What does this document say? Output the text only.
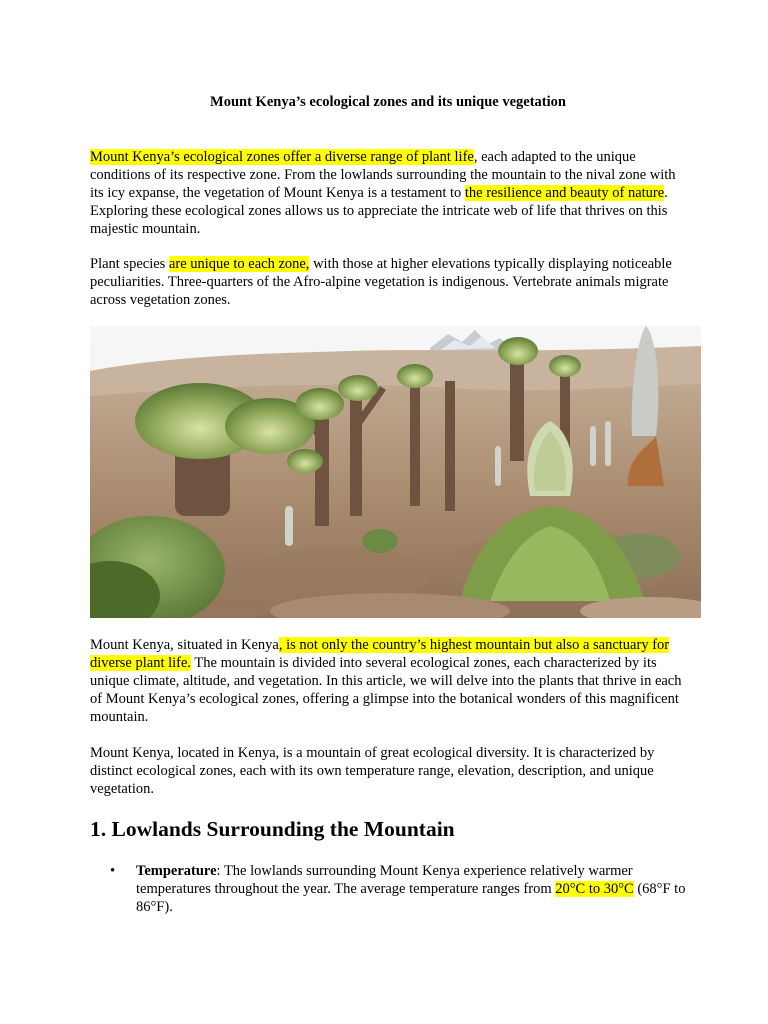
Mount Kenya’s ecological zones and its unique vegetation

Mount Kenya’s ecological zones offer a diverse range of plant life, each adapted to the unique conditions of its respective zone. From the lowlands surrounding the mountain to the nival zone with its icy expanse, the vegetation of Mount Kenya is a testament to the resilience and beauty of nature. Exploring these ecological zones allows us to appreciate the intricate web of life that thrives on this majestic mountain.

Plant species are unique to each zone, with those at higher elevations typically displaying noticeable peculiarities. Three-quarters of the Afro-alpine vegetation is indigenous. Vertebrate animals migrate across vegetation zones.

Mount Kenya, situated in Kenya, is not only the country’s highest mountain but also a sanctuary for diverse plant life. The mountain is divided into several ecological zones, each characterized by its unique climate, altitude, and vegetation. In this article, we will delve into the plants that thrive in each of Mount Kenya’s ecological zones, offering a glimpse into the botanical wonders of this magnificent mountain.

Mount Kenya, located in Kenya, is a mountain of great ecological diversity. It is characterized by distinct ecological zones, each with its own temperature range, elevation, description, and unique vegetation.

1. Lowlands Surrounding the Mountain
• Temperature: The lowlands surrounding Mount Kenya experience relatively warmer temperatures throughout the year. The average temperature ranges from 20°C to 30°C (68°F to 86°F).
